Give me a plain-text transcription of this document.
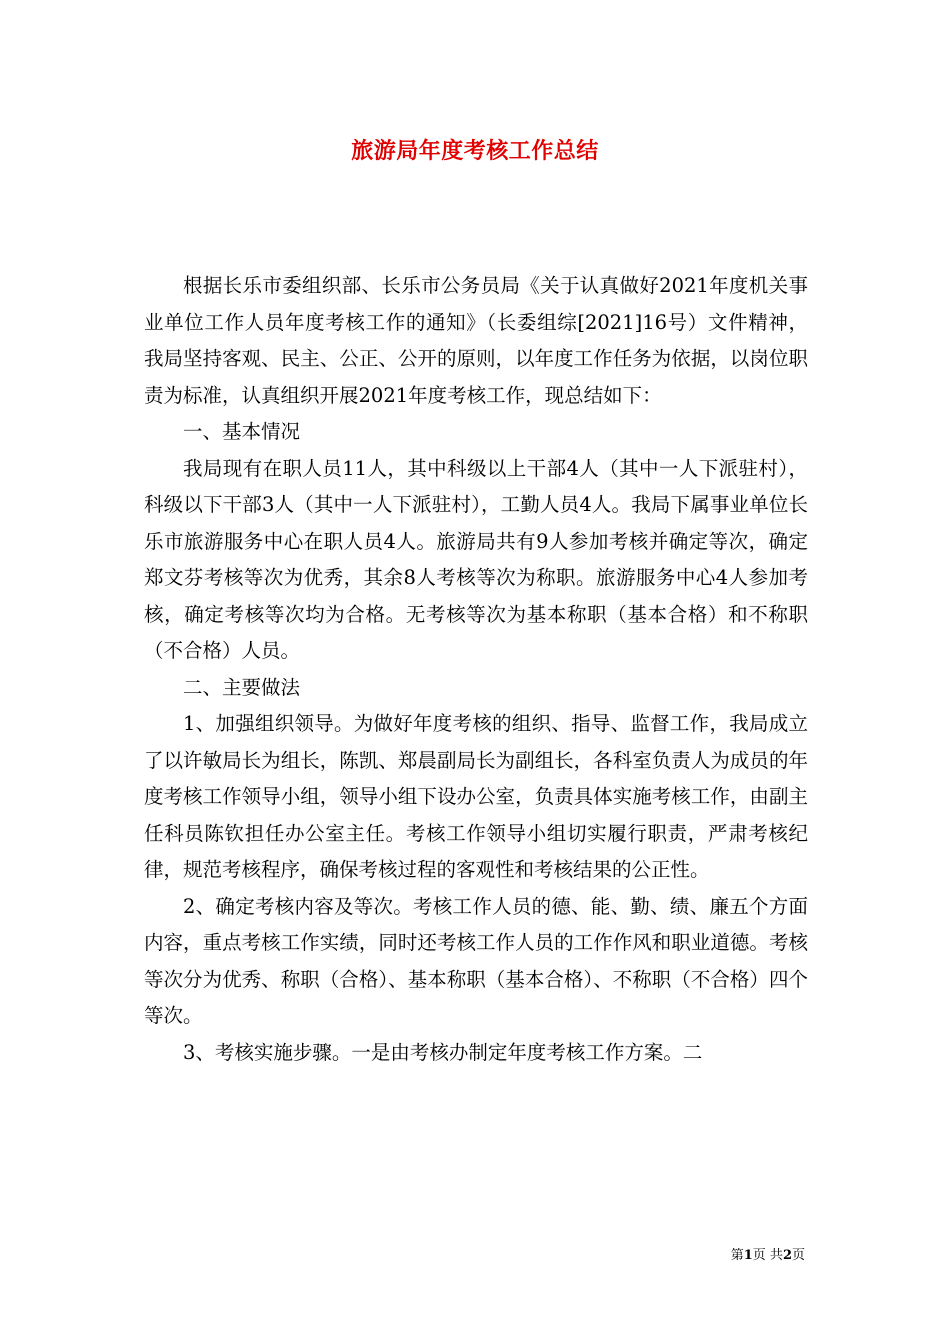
旅游局年度考核工作总结

根据长乐市委组织部、长乐市公务员局《关于认真做好2021年度机关事业单位工作人员年度考核工作的通知》（长委组综[2021]16号）文件精神，我局坚持客观、民主、公正、公开的原则，以年度工作任务为依据，以岗位职责为标准，认真组织开展2021年度考核工作，现总结如下：

一、基本情况

我局现有在职人员11人，其中科级以上干部4人（其中一人下派驻村），科级以下干部3人（其中一人下派驻村），工勤人员4人。我局下属事业单位长乐市旅游服务中心在职人员4人。旅游局共有9人参加考核并确定等次，确定郑文芬考核等次为优秀，其余8人考核等次为称职。旅游服务中心4人参加考核，确定考核等次均为合格。无考核等次为基本称职（基本合格）和不称职（不合格）人员。

二、主要做法

1、加强组织领导。为做好年度考核的组织、指导、监督工作，我局成立了以许敏局长为组长，陈凯、郑晨副局长为副组长，各科室负责人为成员的年度考核工作领导小组，领导小组下设办公室，负责具体实施考核工作，由副主任科员陈钦担任办公室主任。考核工作领导小组切实履行职责，严肃考核纪律，规范考核程序，确保考核过程的客观性和考核结果的公正性。

2、确定考核内容及等次。考核工作人员的德、能、勤、绩、廉五个方面内容，重点考核工作实绩，同时还考核工作人员的工作作风和职业道德。考核等次分为优秀、称职（合格）、基本称职（基本合格）、不称职（不合格）四个等次。

3、考核实施步骤。一是由考核办制定年度考核工作方案。二

第1页 共2页
